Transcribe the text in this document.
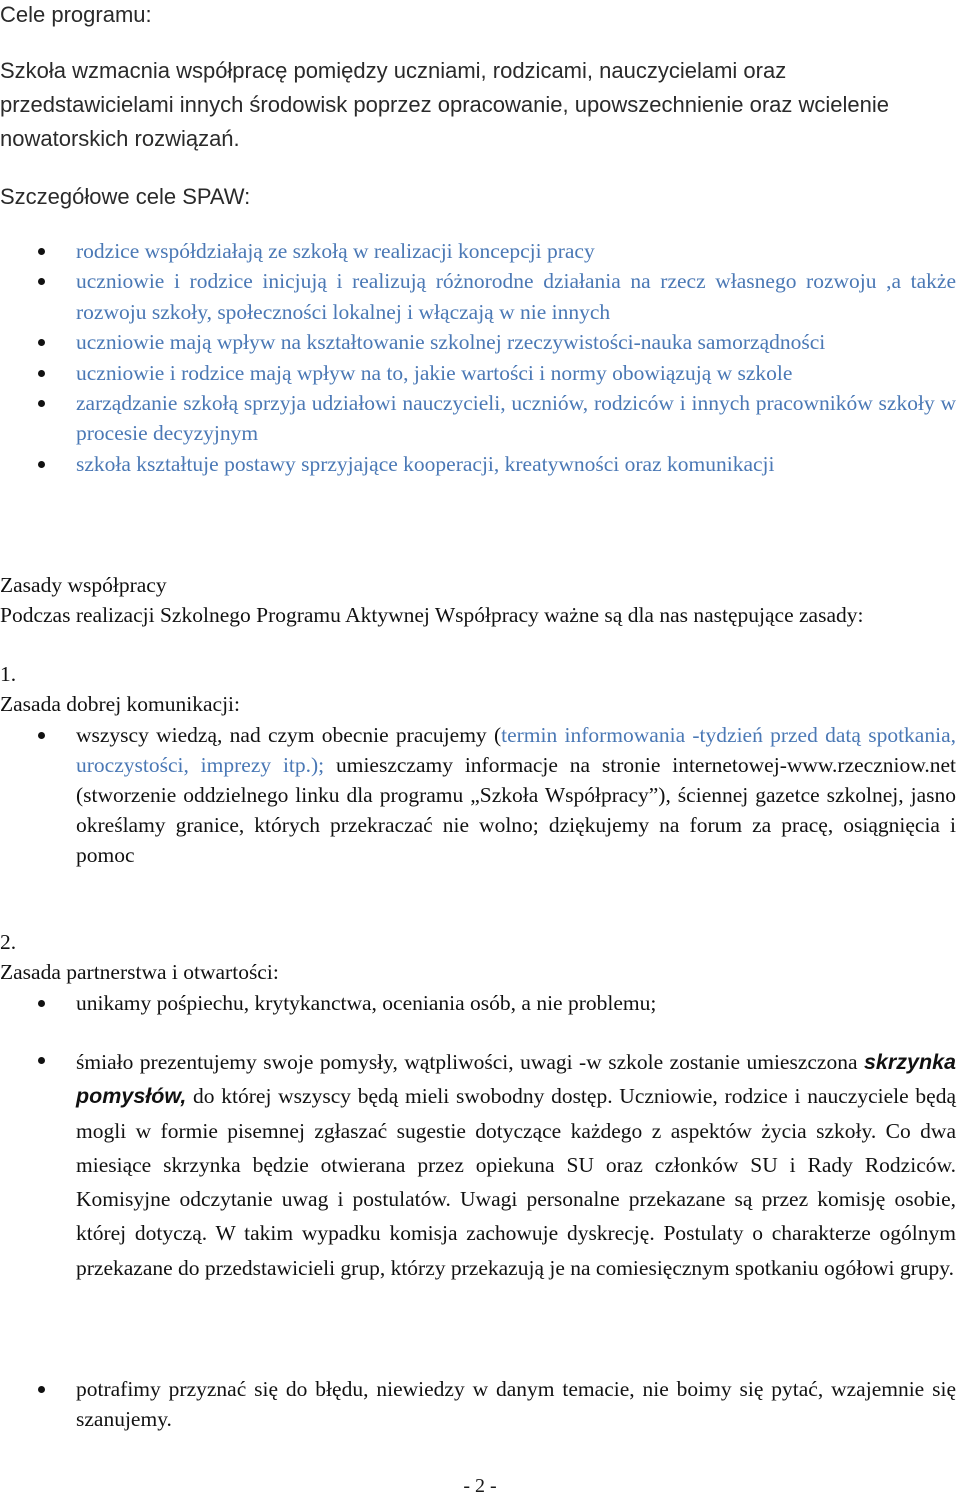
Cele programu:

Szkoła wzmacnia współpracę pomiędzy uczniami, rodzicami, nauczycielami oraz przedstawicielami innych środowisk poprzez opracowanie, upowszechnienie oraz wcielenie nowatorskich rozwiązań.

Szczegółowe cele SPAW:

rodzice współdziałają ze szkołą w realizacji koncepcji pracy
uczniowie i rodzice inicjują i realizują różnorodne działania na rzecz własnego rozwoju ,a także rozwoju szkoły, społeczności lokalnej i włączają w nie innych
uczniowie mają wpływ na kształtowanie szkolnej rzeczywistości-nauka samorządności
uczniowie i rodzice mają wpływ na to, jakie wartości i normy obowiązują w szkole
zarządzanie szkołą sprzyja udziałowi nauczycieli, uczniów, rodziców i innych pracowników szkoły w procesie decyzyjnym
szkoła kształtuje postawy sprzyjające kooperacji, kreatywności oraz komunikacji

Zasady współpracy

Podczas realizacji Szkolnego Programu Aktywnej Współpracy ważne są dla nas następujące zasady:

1.

Zasada dobrej komunikacji:

wszyscy wiedzą, nad czym obecnie pracujemy (termin informowania -tydzień przed datą spotkania, uroczystości, imprezy itp.); umieszczamy informacje na stronie internetowej-www.rzeczniow.net (stworzenie oddzielnego linku dla programu „Szkoła Współpracy”), ściennej gazetce szkolnej, jasno określamy granice, których przekraczać nie wolno; dziękujemy na forum za pracę, osiągnięcia i pomoc

2.

Zasada partnerstwa i otwartości:

unikamy pośpiechu, krytykanctwa, oceniania osób, a nie problemu;
śmiało prezentujemy swoje pomysły, wątpliwości, uwagi -w szkole zostanie umieszczona skrzynka pomysłów, do której wszyscy będą mieli swobodny dostęp. Uczniowie, rodzice i nauczyciele będą mogli w formie pisemnej zgłaszać sugestie dotyczące każdego z aspektów życia szkoły. Co dwa miesiące skrzynka będzie otwierana przez opiekuna SU oraz członków SU i Rady Rodziców. Komisyjne odczytanie uwag i postulatów. Uwagi personalne przekazane są przez komisję osobie, której dotyczą. W takim wypadku komisja zachowuje dyskrecję. Postulaty o charakterze ogólnym przekazane do przedstawicieli grup, którzy przekazują je na comiesięcznym spotkaniu ogółowi grupy.
potrafimy przyznać się do błędu, niewiedzy w danym temacie, nie boimy się pytać, wzajemnie się szanujemy.
- 2 -
